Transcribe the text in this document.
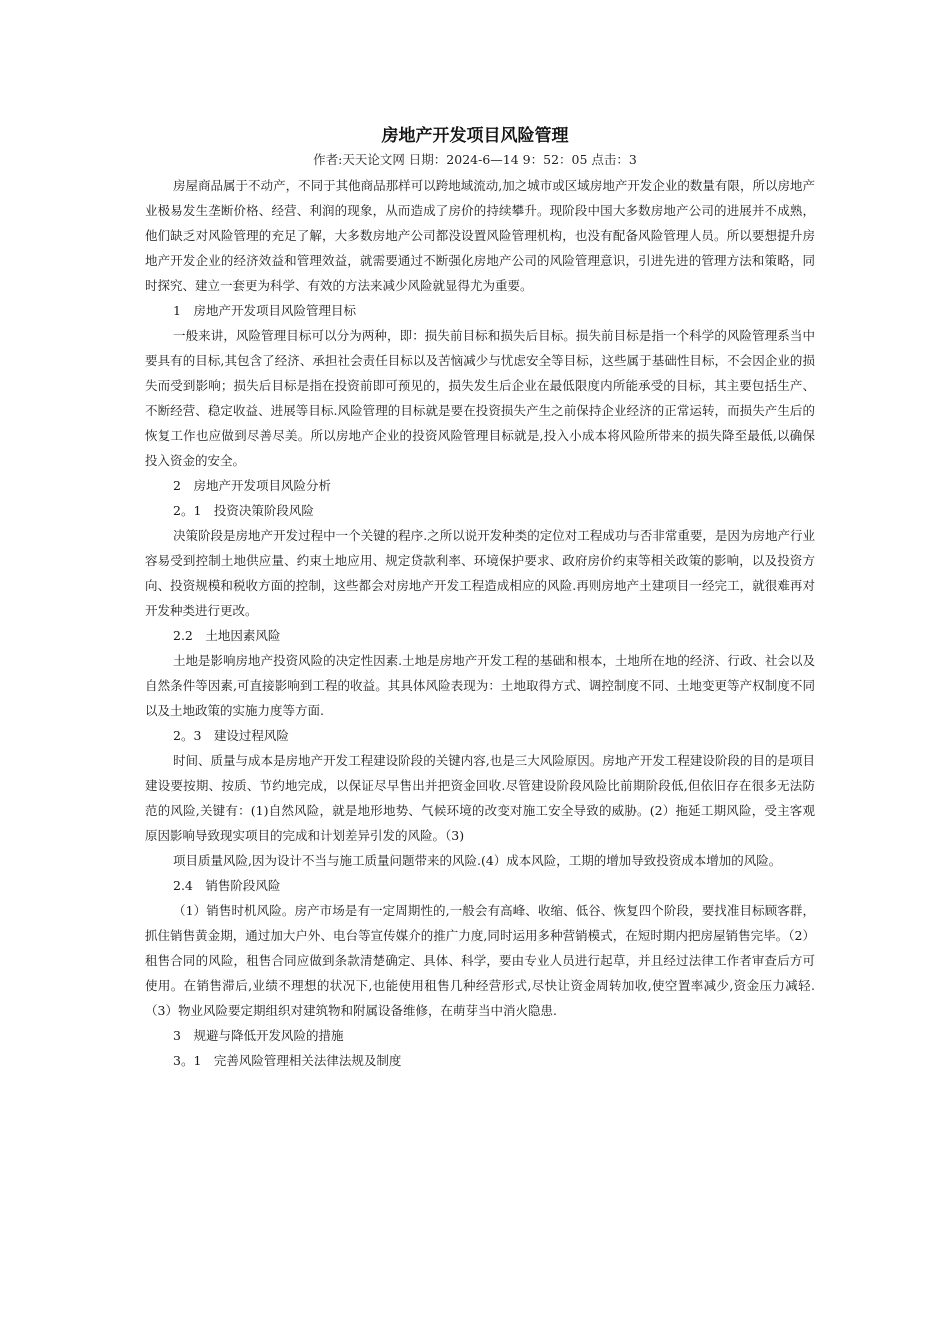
房地产开发项目风险管理
作者:天天论文网 日期：2024-6—14 9：52：05 点击：3

房屋商品属于不动产，不同于其他商品那样可以跨地域流动,加之城市或区域房地产开发企业的数量有限，所以房地产业极易发生垄断价格、经营、利润的现象，从而造成了房价的持续攀升。现阶段中国大多数房地产公司的进展并不成熟，他们缺乏对风险管理的充足了解，大多数房地产公司都没设置风险管理机构，也没有配备风险管理人员。所以要想提升房地产开发企业的经济效益和管理效益，就需要通过不断强化房地产公司的风险管理意识，引进先进的管理方法和策略，同时探究、建立一套更为科学、有效的方法来减少风险就显得尤为重要。

1　房地产开发项目风险管理目标

一般来讲，风险管理目标可以分为两种，即：损失前目标和损失后目标。损失前目标是指一个科学的风险管理系当中要具有的目标,其包含了经济、承担社会责任目标以及苦恼减少与忧虑安全等目标，这些属于基础性目标，不会因企业的损失而受到影响；损失后目标是指在投资前即可预见的，损失发生后企业在最低限度内所能承受的目标，其主要包括生产、不断经营、稳定收益、进展等目标.风险管理的目标就是要在投资损失产生之前保持企业经济的正常运转，而损失产生后的恢复工作也应做到尽善尽美。所以房地产企业的投资风险管理目标就是,投入小成本将风险所带来的损失降至最低,以确保投入资金的安全。

2　房地产开发项目风险分析

2。1　投资决策阶段风险

决策阶段是房地产开发过程中一个关键的程序.之所以说开发种类的定位对工程成功与否非常重要，是因为房地产行业容易受到控制土地供应量、约束土地应用、规定贷款利率、环境保护要求、政府房价约束等相关政策的影响，以及投资方向、投资规模和税收方面的控制，这些都会对房地产开发工程造成相应的风险.再则房地产土建项目一经完工，就很难再对开发种类进行更改。

2.2　土地因素风险

土地是影响房地产投资风险的决定性因素.土地是房地产开发工程的基础和根本，土地所在地的经济、行政、社会以及自然条件等因素,可直接影响到工程的收益。其具体风险表现为：土地取得方式、调控制度不同、土地变更等产权制度不同以及土地政策的实施力度等方面.

2。3　建设过程风险

时间、质量与成本是房地产开发工程建设阶段的关键内容,也是三大风险原因。房地产开发工程建设阶段的目的是项目建设要按期、按质、节约地完成，以保证尽早售出并把资金回收.尽管建设阶段风险比前期阶段低,但依旧存在很多无法防范的风险,关键有：(1)自然风险，就是地形地势、气候环境的改变对施工安全导致的威胁。(2）拖延工期风险，受主客观原因影响导致现实项目的完成和计划差异引发的风险。（3)

项目质量风险,因为设计不当与施工质量问题带来的风险.(4）成本风险，工期的增加导致投资成本增加的风险。

2.4　销售阶段风险

（1）销售时机风险。房产市场是有一定周期性的,一般会有高峰、收缩、低谷、恢复四个阶段，要找准目标顾客群，抓住销售黄金期，通过加大户外、电台等宣传媒介的推广力度,同时运用多种营销模式，在短时期内把房屋销售完毕。（2）租售合同的风险，租售合同应做到条款清楚确定、具体、科学，要由专业人员进行起草，并且经过法律工作者审查后方可使用。在销售滞后,业绩不理想的状况下,也能使用租售几种经营形式,尽快让资金周转加收,使空置率减少,资金压力减轻.（3）物业风险要定期组织对建筑物和附属设备维修，在萌芽当中消火隐患.

3　规避与降低开发风险的措施

3。1　完善风险管理相关法律法规及制度
